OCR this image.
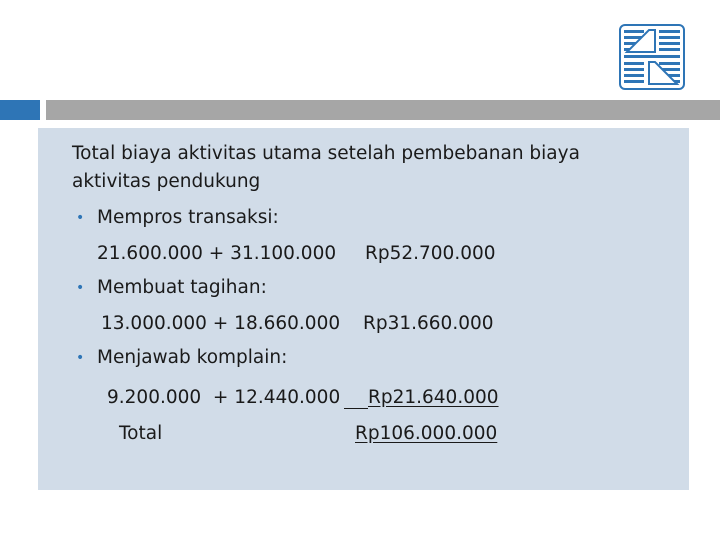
Total biaya aktivitas utama setelah pembebanan biaya
aktivitas pendukung
• Mempros transaksi:
21.600.000 + 31.100.000 Rp52.700.000
• Membuat tagihan:
13.000.000 + 18.660.000 Rp31.660.000
• Menjawab komplain:
9.200.000  + 12.440.000 Rp21.640.000
Total	Rp106.000.000
